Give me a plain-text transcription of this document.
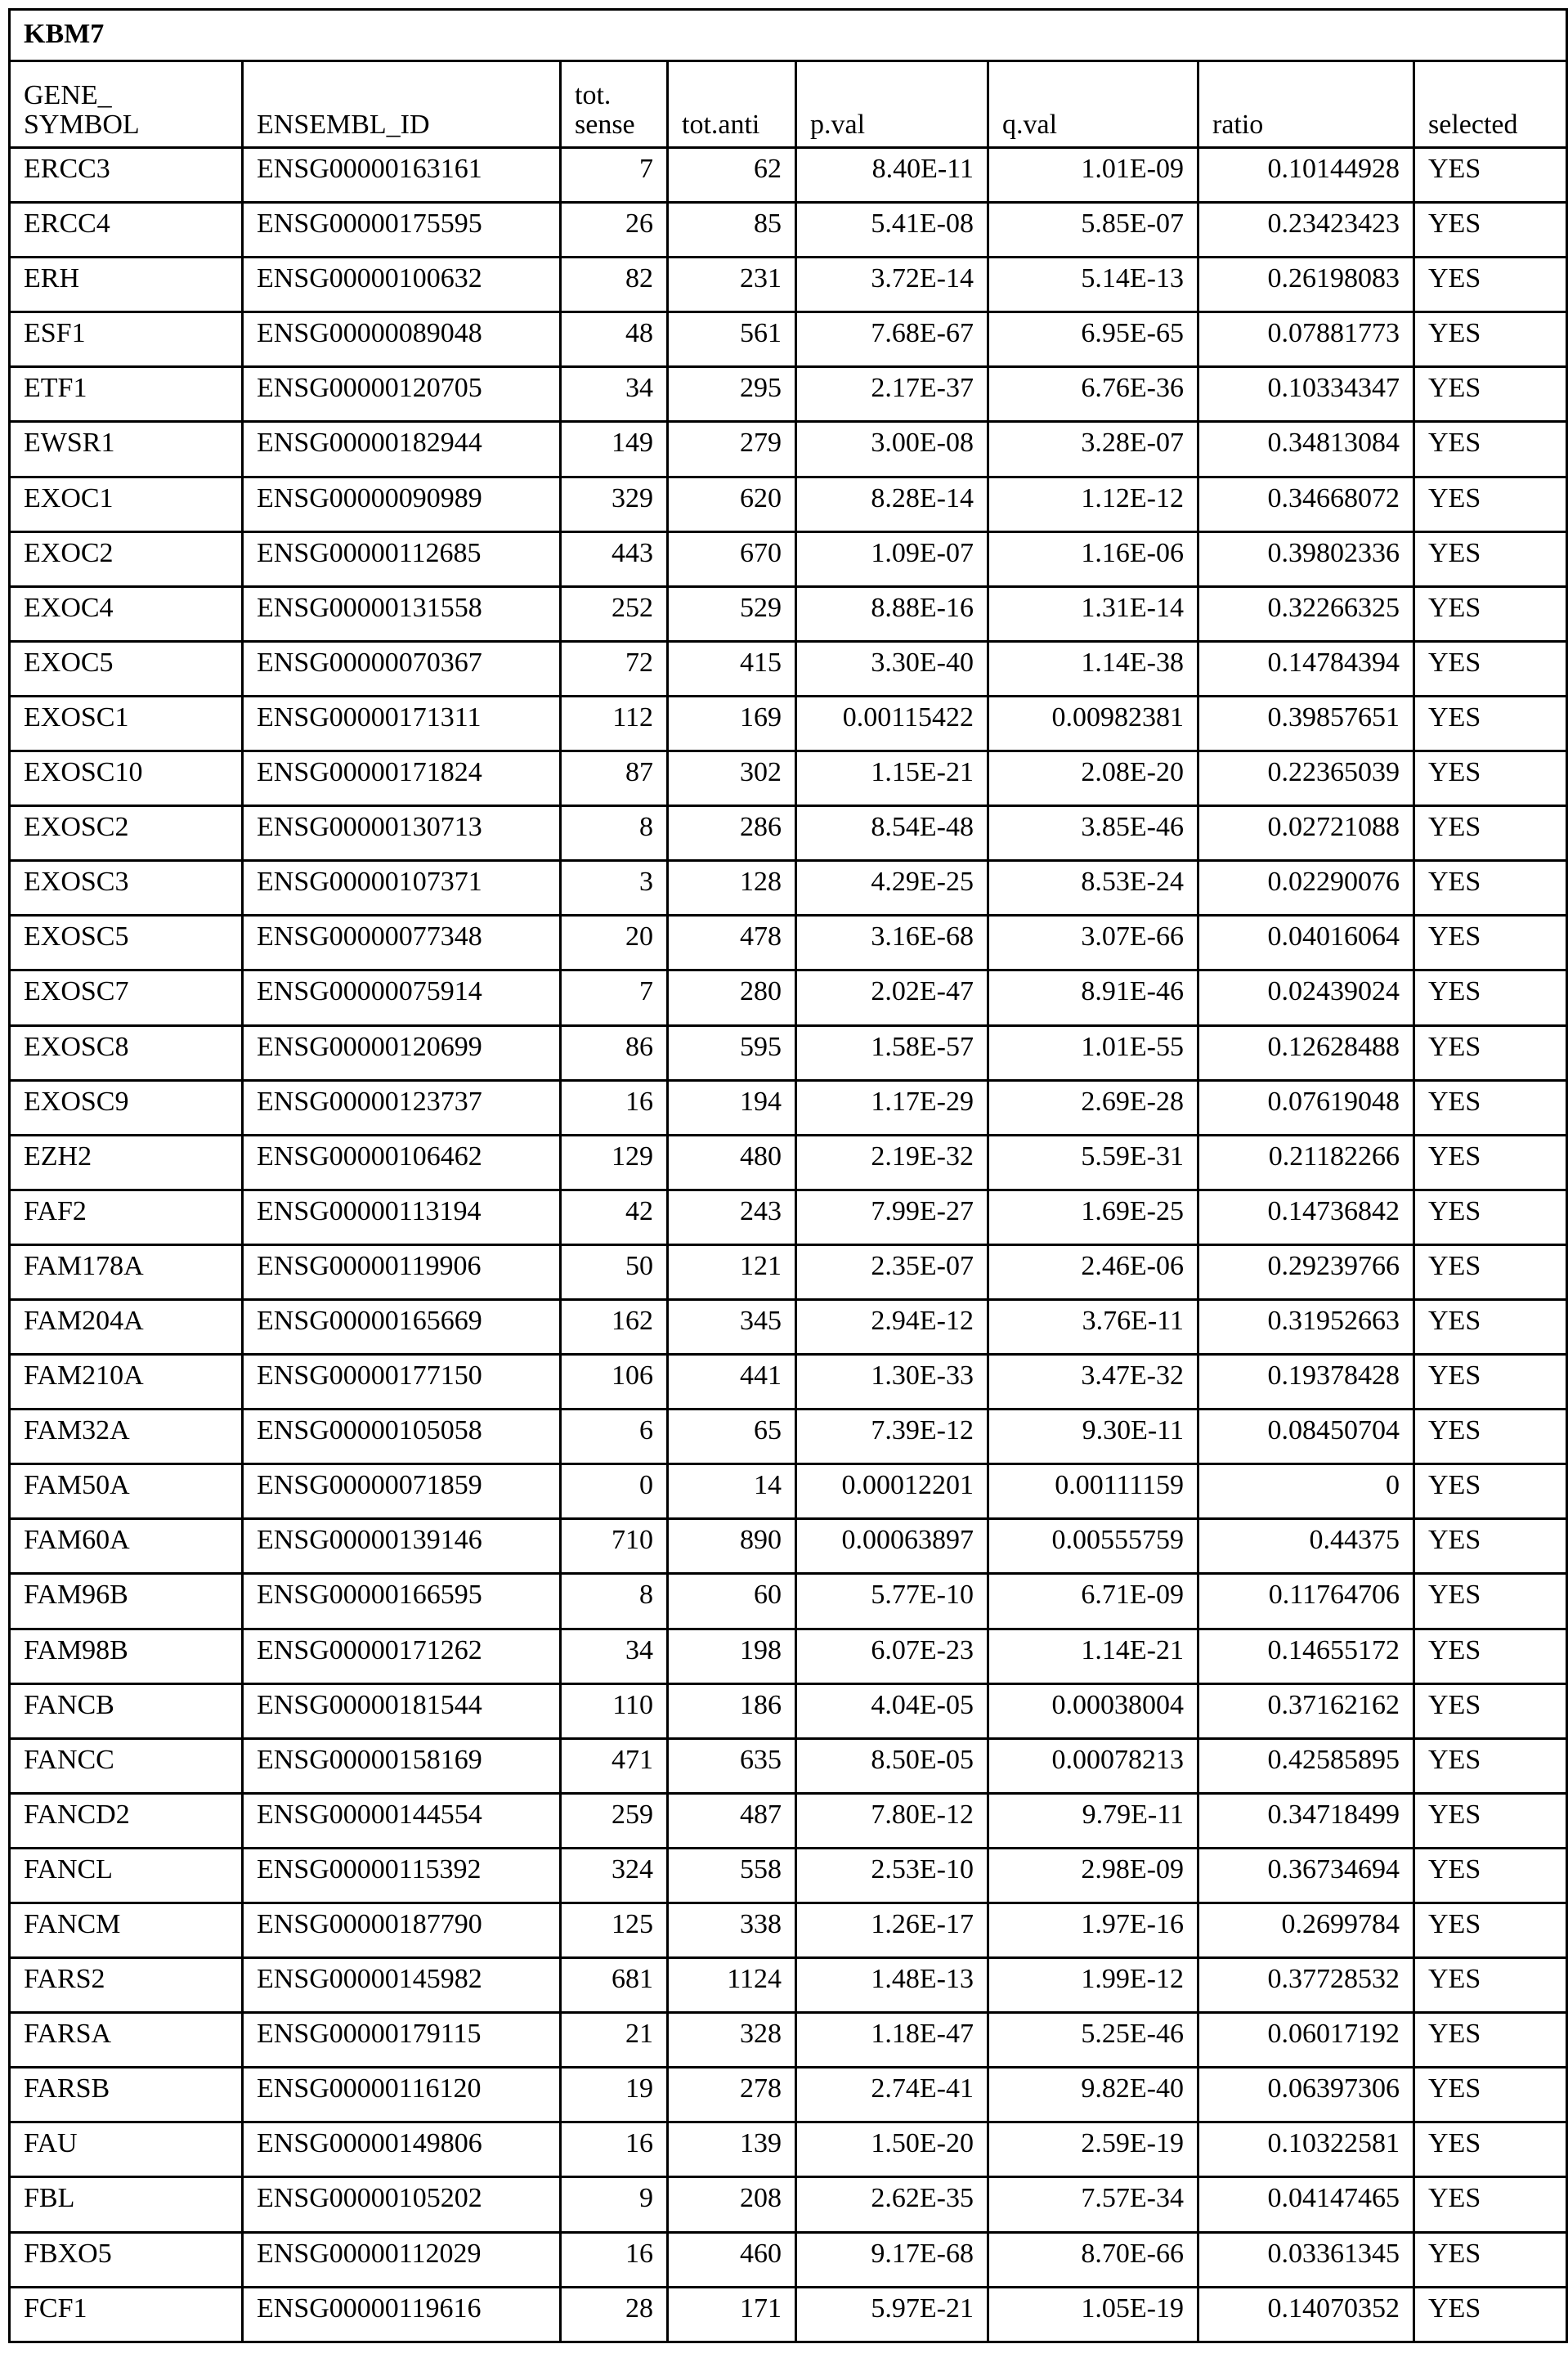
KBM7
GENE_
SYMBOL	ENSEMBL_ID	tot.
sense	tot.anti	p.val	q.val	ratio	selected
ERCC3	ENSG00000163161	7	62	8.40E-11	1.01E-09	0.10144928	YES
ERCC4	ENSG00000175595	26	85	5.41E-08	5.85E-07	0.23423423	YES
ERH	ENSG00000100632	82	231	3.72E-14	5.14E-13	0.26198083	YES
ESF1	ENSG00000089048	48	561	7.68E-67	6.95E-65	0.07881773	YES
ETF1	ENSG00000120705	34	295	2.17E-37	6.76E-36	0.10334347	YES
EWSR1	ENSG00000182944	149	279	3.00E-08	3.28E-07	0.34813084	YES
EXOC1	ENSG00000090989	329	620	8.28E-14	1.12E-12	0.34668072	YES
EXOC2	ENSG00000112685	443	670	1.09E-07	1.16E-06	0.39802336	YES
EXOC4	ENSG00000131558	252	529	8.88E-16	1.31E-14	0.32266325	YES
EXOC5	ENSG00000070367	72	415	3.30E-40	1.14E-38	0.14784394	YES
EXOSC1	ENSG00000171311	112	169	0.00115422	0.00982381	0.39857651	YES
EXOSC10	ENSG00000171824	87	302	1.15E-21	2.08E-20	0.22365039	YES
EXOSC2	ENSG00000130713	8	286	8.54E-48	3.85E-46	0.02721088	YES
EXOSC3	ENSG00000107371	3	128	4.29E-25	8.53E-24	0.02290076	YES
EXOSC5	ENSG00000077348	20	478	3.16E-68	3.07E-66	0.04016064	YES
EXOSC7	ENSG00000075914	7	280	2.02E-47	8.91E-46	0.02439024	YES
EXOSC8	ENSG00000120699	86	595	1.58E-57	1.01E-55	0.12628488	YES
EXOSC9	ENSG00000123737	16	194	1.17E-29	2.69E-28	0.07619048	YES
EZH2	ENSG00000106462	129	480	2.19E-32	5.59E-31	0.21182266	YES
FAF2	ENSG00000113194	42	243	7.99E-27	1.69E-25	0.14736842	YES
FAM178A	ENSG00000119906	50	121	2.35E-07	2.46E-06	0.29239766	YES
FAM204A	ENSG00000165669	162	345	2.94E-12	3.76E-11	0.31952663	YES
FAM210A	ENSG00000177150	106	441	1.30E-33	3.47E-32	0.19378428	YES
FAM32A	ENSG00000105058	6	65	7.39E-12	9.30E-11	0.08450704	YES
FAM50A	ENSG00000071859	0	14	0.00012201	0.00111159	0	YES
FAM60A	ENSG00000139146	710	890	0.00063897	0.00555759	0.44375	YES
FAM96B	ENSG00000166595	8	60	5.77E-10	6.71E-09	0.11764706	YES
FAM98B	ENSG00000171262	34	198	6.07E-23	1.14E-21	0.14655172	YES
FANCB	ENSG00000181544	110	186	4.04E-05	0.00038004	0.37162162	YES
FANCC	ENSG00000158169	471	635	8.50E-05	0.00078213	0.42585895	YES
FANCD2	ENSG00000144554	259	487	7.80E-12	9.79E-11	0.34718499	YES
FANCL	ENSG00000115392	324	558	2.53E-10	2.98E-09	0.36734694	YES
FANCM	ENSG00000187790	125	338	1.26E-17	1.97E-16	0.2699784	YES
FARS2	ENSG00000145982	681	1124	1.48E-13	1.99E-12	0.37728532	YES
FARSA	ENSG00000179115	21	328	1.18E-47	5.25E-46	0.06017192	YES
FARSB	ENSG00000116120	19	278	2.74E-41	9.82E-40	0.06397306	YES
FAU	ENSG00000149806	16	139	1.50E-20	2.59E-19	0.10322581	YES
FBL	ENSG00000105202	9	208	2.62E-35	7.57E-34	0.04147465	YES
FBXO5	ENSG00000112029	16	460	9.17E-68	8.70E-66	0.03361345	YES
FCF1	ENSG00000119616	28	171	5.97E-21	1.05E-19	0.14070352	YES
